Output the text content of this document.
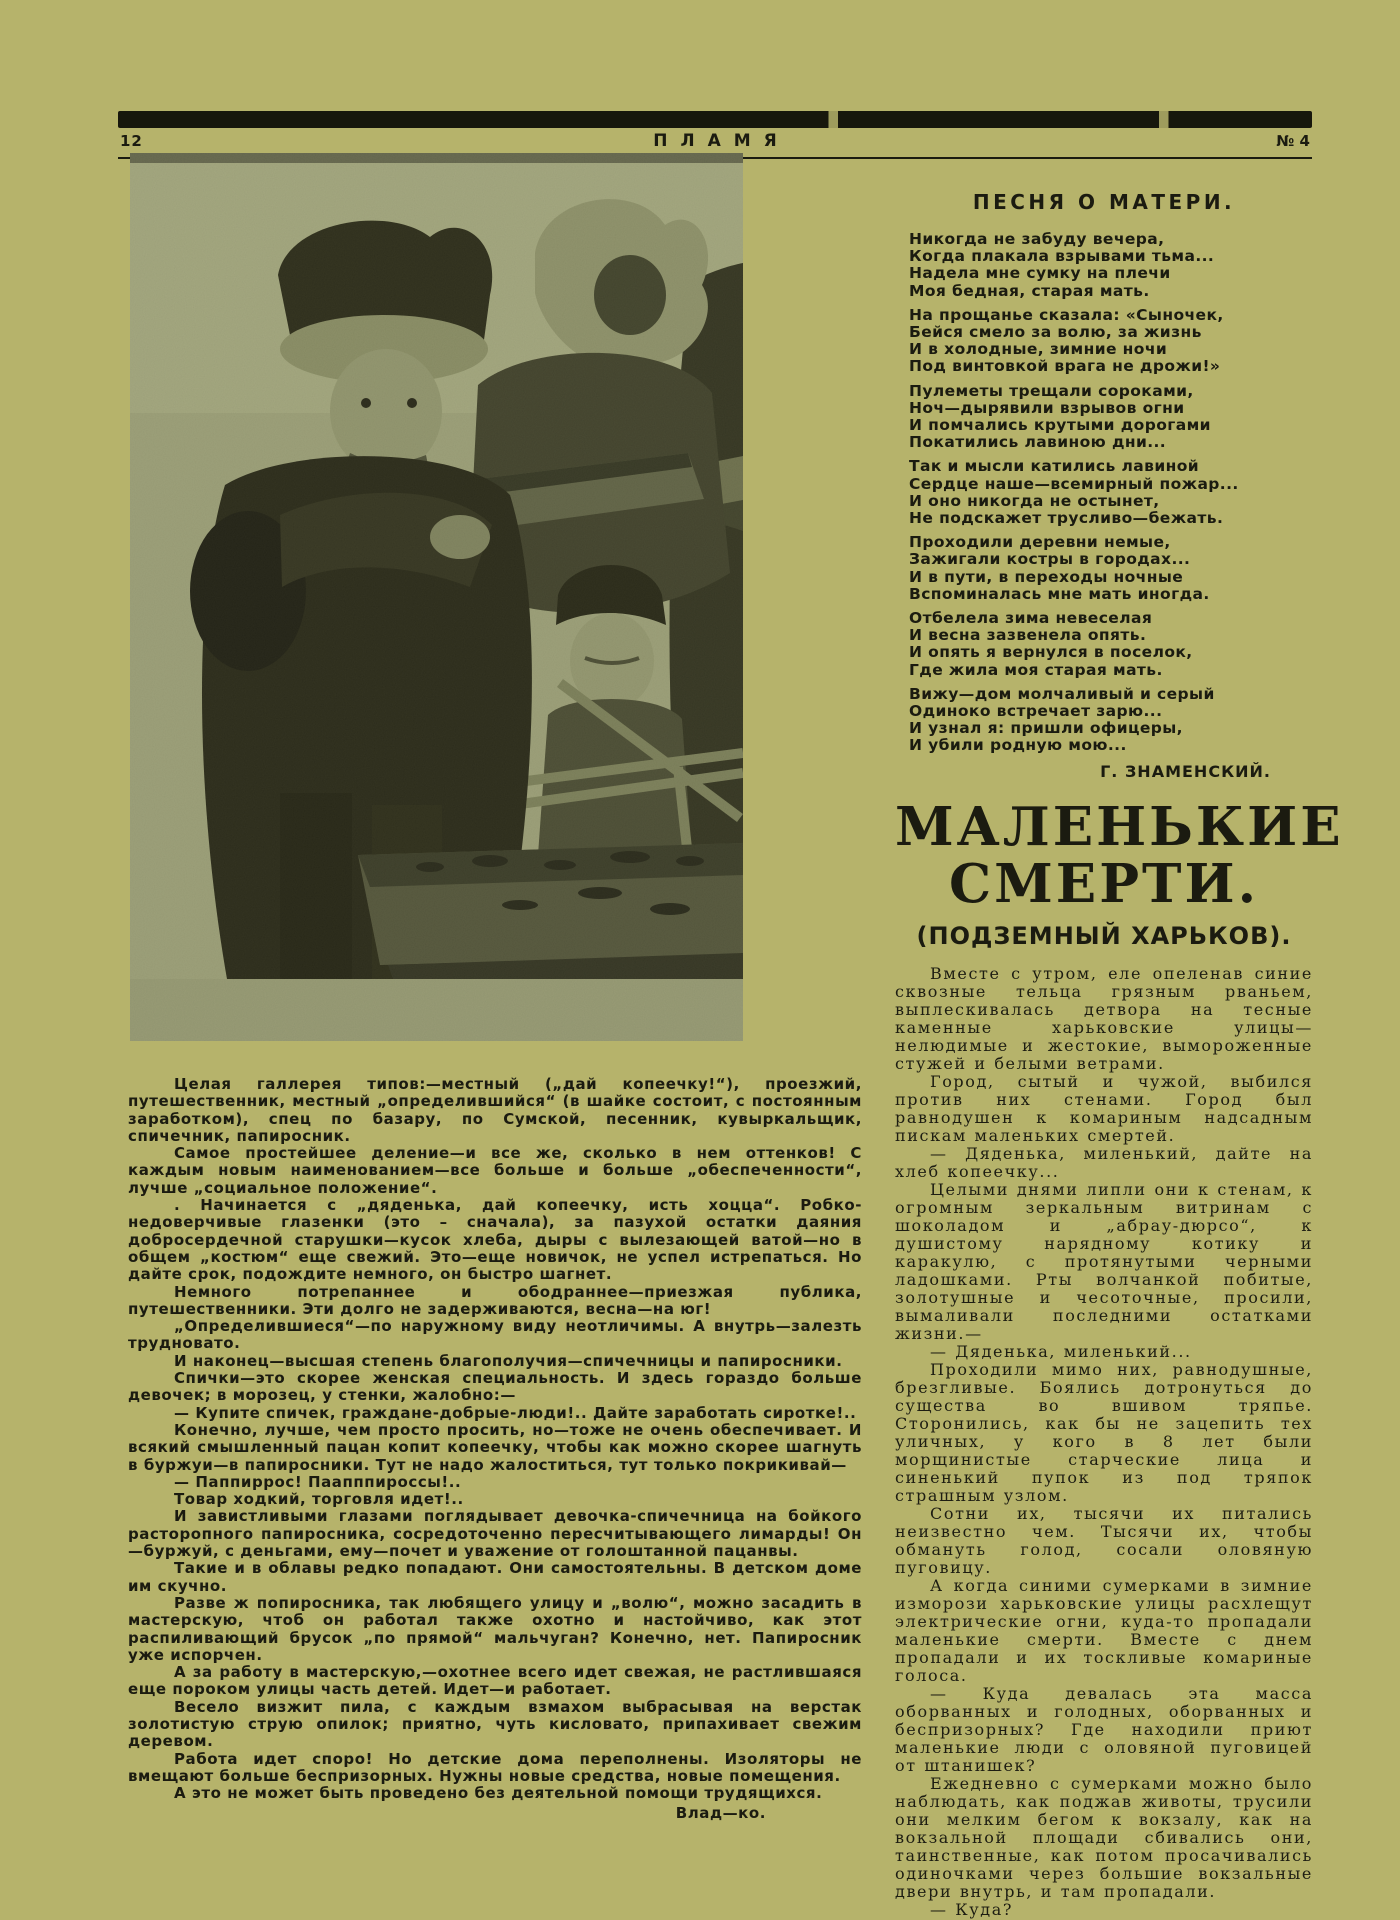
12	ПЛАМЯ	№ 4

Целая галлерея типов:—местный („дай копеечку!“), проезжий, путешественник, местный „определившийся“ (в шайке состоит, с постоянным заработком), спец по базару, по Сумской, песенник, кувыркальщик, спичечник, папиросник.

Самое простейшее деление—и все же, сколько в нем оттенков! С каждым новым наименованием—все больше и больше „обеспеченности“, лучше „социальное положение“.

. Начинается с „дяденька, дай копеечку, исть хоцца“. Робко-недоверчивые глазенки (это – сначала), за пазухой остатки даяния добросердечной старушки—кусок хлеба, дыры с вылезающей ватой—но в общем „костюм“ еще свежий. Это—еще новичок, не успел истрепаться. Но дайте срок, подождите немного, он быстро шагнет.

Немного потрепаннее и ободраннее—приезжая публика, путешественники. Эти долго не задерживаются, весна—на юг!

„Определившиеся“—по наружному виду неотличимы. А внутрь—залезть трудновато.

И наконец—высшая степень благополучия—спичечницы и папиросники.

Спички—это скорее женская специальность. И здесь гораздо больше девочек; в морозец, у стенки, жалобно:—

— Купите спичек, граждане-добрые-люди!.. Дайте заработать сиротке!..

Конечно, лучше, чем просто просить, но—тоже не очень обеспечивает. И всякий смышленный пацан копит копеечку, чтобы как можно скорее шагнуть в буржуи—в папиросники. Тут не надо жалоститься, тут только покрикивай—

— Паппиррос! Паапппироссы!..

Товар ходкий, торговля идет!..

И завистливыми глазами поглядывает девочка-спичечница на бойкого расторопного папиросника, сосредоточенно пересчитывающего лимарды! Он—буржуй, с деньгами, ему—почет и уважение от голоштанной пацанвы.

Такие и в облавы редко попадают. Они самостоятельны. В детском доме им скучно.

Разве ж попиросника, так любящего улицу и „волю“, можно засадить в мастерскую, чтоб он работал также охотно и настойчиво, как этот распиливающий брусок „по прямой“ мальчуган? Конечно, нет. Папиросник уже испорчен.

А за работу в мастерскую,—охотнее всего идет свежая, не растлившаяся еще пороком улицы часть детей. Идет—и работает.

Весело визжит пила, с каждым взмахом выбрасывая на верстак золотистую струю опилок; приятно, чуть кисловато, припахивает свежим деревом.

Работа идет споро! Но детские дома переполнены. Изоляторы не вмещают больше беспризорных. Нужны новые средства, новые помещения.

А это не может быть проведено без деятельной помощи трудящихся.

Влад—ко.
ПЕСНЯ О МАТЕРИ.

Никогда не забуду вечера,
Когда плакала взрывами тьма...
Надела мне сумку на плечи
Моя бедная, старая мать.

На прощанье сказала: «Сыночек,
Бейся смело за волю, за жизнь
И в холодные, зимние ночи
Под винтовкой врага не дрожи!»

Пулеметы трещали сороками,
Ноч—дырявили взрывов огни
И помчались крутыми дорогами
Покатились лавиною дни...

Так и мысли катились лавиной
Сердце наше—всемирный пожар...
И оно никогда не остынет,
Не подскажет трусливо—бежать.

Проходили деревни немые,
Зажигали костры в городах...
И в пути, в переходы ночные
Вспоминалась мне мать иногда.

Отбелела зима невеселая
И весна зазвенела опять.
И опять я вернулся в поселок,
Где жила моя старая мать.

Вижу—дом молчаливый и серый
Одиноко встречает зарю...
И узнал я: пришли офицеры,
И убили родную мою...

Г. ЗНАМЕНСКИЙ.
МАЛЕНЬКИЕ
СМЕРТИ.
(ПОДЗЕМНЫЙ ХАРЬКОВ).

Вместе с утром, еле опеленав синие сквозные тельца грязным рваньем, выплескивалась детвора на тесные каменные харьковские улицы—нелюдимые и жестокие, вымороженные стужей и белыми ветрами.

Город, сытый и чужой, выбился против них стенами. Город был равнодушен к комариным надсадным пискам маленьких смертей.

— Дяденька, миленький, дайте на хлеб копеечку...

Целыми днями липли они к стенам, к огромным зеркальным витринам с шоколадом и „абрау-дюрсо“, к душистому нарядному котику и каракулю, с протянутыми черными ладошками. Рты волчанкой побитые, золотушные и чесоточные, просили, вымаливали последними остатками жизни.—

— Дяденька, миленький...

Проходили мимо них, равнодушные, брезгливые. Боялись дотронуться до существа во вшивом тряпье. Сторонились, как бы не зацепить тех уличных, у кого в 8 лет были морщинистые старческие лица и синенький пупок из под тряпок страшным узлом.

Сотни их, тысячи их питались неизвестно чем. Тысячи их, чтобы обмануть голод, сосали оловяную пуговицу.

А когда синими сумерками в зимние изморози харьковские улицы расхлещут электрические огни, куда-то пропадали маленькие смерти. Вместе с днем пропадали и их тоскливые комариные голоса.

— Куда девалась эта масса оборванных и голодных, оборванных и беспризорных? Где находили приют маленькие люди с оловяной пуговицей от штанишек?

Ежедневно с сумерками можно было наблюдать, как поджав животы, трусили они мелким бегом к вокзалу, как на вокзальной площади сбивались они, таинственные, как потом просачивались одиночками через большие вокзальные двери внутрь, и там пропадали.

— Куда?
